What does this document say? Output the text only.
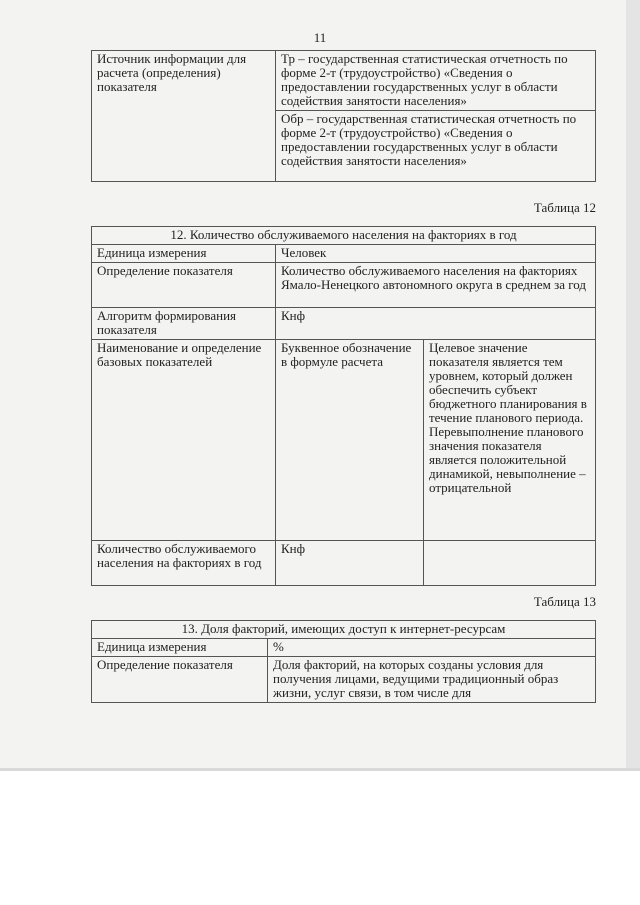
11
Источник информации для расчета (определения) показателя	Тр – государственная статистическая отчетность по форме 2-т (трудоустройство) «Сведения о предоставлении государственных услуг в области содействия занятости населения»
Обр – государственная статистическая отчетность по форме 2-т (трудоустройство) «Сведения о предоставлении государственных услуг в области содействия занятости населения»
Таблица 12
12. Количество обслуживаемого населения на факториях в год		
Единица измерения	Человек	
Определение показателя	Количество обслуживаемого населения на факториях Ямало-Ненецкого автономного округа в среднем за год	
Алгоритм формирования показателя	Кнф	
Наименование и определение базовых показателей	Буквенное обозначение в формуле расчета	Целевое значение показателя является тем уровнем, который должен обеспечить субъект бюджетного планирования в течение планового периода. Перевыполнение планового значения показателя является положительной динамикой, невыполнение – отрицательной
Количество обслуживаемого населения на факториях в год	Кнф	
Таблица 13
13. Доля факторий, имеющих доступ к интернет-ресурсам	
Единица измерения	%
Определение показателя	Доля факторий, на которых созданы условия для получения лицами, ведущими традиционный образ жизни, услуг связи, в том числе для
